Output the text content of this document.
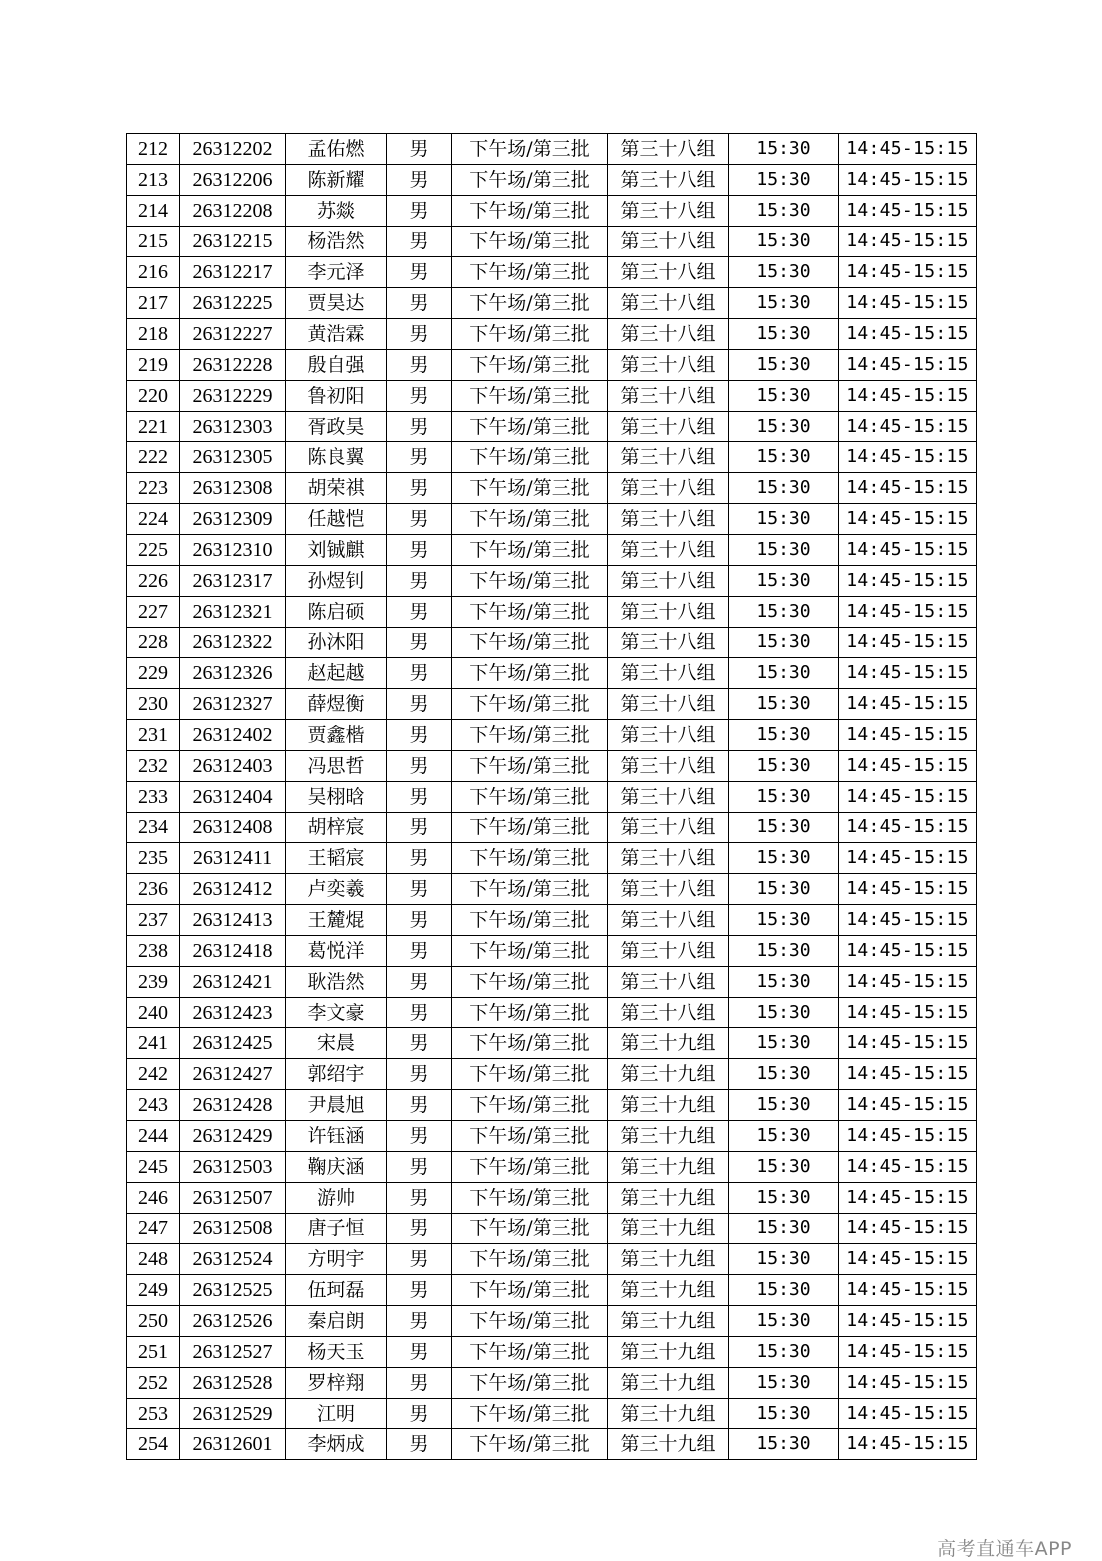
212	26312202	孟佑燃	男	下午场/第三批	第三十八组	15:30	14:45-15:15
213	26312206	陈新耀	男	下午场/第三批	第三十八组	15:30	14:45-15:15
214	26312208	苏燚	男	下午场/第三批	第三十八组	15:30	14:45-15:15
215	26312215	杨浩然	男	下午场/第三批	第三十八组	15:30	14:45-15:15
216	26312217	李元泽	男	下午场/第三批	第三十八组	15:30	14:45-15:15
217	26312225	贾昊达	男	下午场/第三批	第三十八组	15:30	14:45-15:15
218	26312227	黄浩霖	男	下午场/第三批	第三十八组	15:30	14:45-15:15
219	26312228	殷自强	男	下午场/第三批	第三十八组	15:30	14:45-15:15
220	26312229	鲁初阳	男	下午场/第三批	第三十八组	15:30	14:45-15:15
221	26312303	胥政昊	男	下午场/第三批	第三十八组	15:30	14:45-15:15
222	26312305	陈良翼	男	下午场/第三批	第三十八组	15:30	14:45-15:15
223	26312308	胡荣祺	男	下午场/第三批	第三十八组	15:30	14:45-15:15
224	26312309	任越恺	男	下午场/第三批	第三十八组	15:30	14:45-15:15
225	26312310	刘铖麒	男	下午场/第三批	第三十八组	15:30	14:45-15:15
226	26312317	孙煜钊	男	下午场/第三批	第三十八组	15:30	14:45-15:15
227	26312321	陈启硕	男	下午场/第三批	第三十八组	15:30	14:45-15:15
228	26312322	孙沐阳	男	下午场/第三批	第三十八组	15:30	14:45-15:15
229	26312326	赵起越	男	下午场/第三批	第三十八组	15:30	14:45-15:15
230	26312327	薛煜衡	男	下午场/第三批	第三十八组	15:30	14:45-15:15
231	26312402	贾鑫楷	男	下午场/第三批	第三十八组	15:30	14:45-15:15
232	26312403	冯思哲	男	下午场/第三批	第三十八组	15:30	14:45-15:15
233	26312404	吴栩晗	男	下午场/第三批	第三十八组	15:30	14:45-15:15
234	26312408	胡梓宸	男	下午场/第三批	第三十八组	15:30	14:45-15:15
235	26312411	王韬宸	男	下午场/第三批	第三十八组	15:30	14:45-15:15
236	26312412	卢奕羲	男	下午场/第三批	第三十八组	15:30	14:45-15:15
237	26312413	王麓焜	男	下午场/第三批	第三十八组	15:30	14:45-15:15
238	26312418	葛悦洋	男	下午场/第三批	第三十八组	15:30	14:45-15:15
239	26312421	耿浩然	男	下午场/第三批	第三十八组	15:30	14:45-15:15
240	26312423	李文豪	男	下午场/第三批	第三十八组	15:30	14:45-15:15
241	26312425	宋晨	男	下午场/第三批	第三十九组	15:30	14:45-15:15
242	26312427	郭绍宇	男	下午场/第三批	第三十九组	15:30	14:45-15:15
243	26312428	尹晨旭	男	下午场/第三批	第三十九组	15:30	14:45-15:15
244	26312429	许钰涵	男	下午场/第三批	第三十九组	15:30	14:45-15:15
245	26312503	鞠庆涵	男	下午场/第三批	第三十九组	15:30	14:45-15:15
246	26312507	游帅	男	下午场/第三批	第三十九组	15:30	14:45-15:15
247	26312508	唐子恒	男	下午场/第三批	第三十九组	15:30	14:45-15:15
248	26312524	方明宇	男	下午场/第三批	第三十九组	15:30	14:45-15:15
249	26312525	伍珂磊	男	下午场/第三批	第三十九组	15:30	14:45-15:15
250	26312526	秦启朗	男	下午场/第三批	第三十九组	15:30	14:45-15:15
251	26312527	杨天玉	男	下午场/第三批	第三十九组	15:30	14:45-15:15
252	26312528	罗梓翔	男	下午场/第三批	第三十九组	15:30	14:45-15:15
253	26312529	江明	男	下午场/第三批	第三十九组	15:30	14:45-15:15
254	26312601	李炳成	男	下午场/第三批	第三十九组	15:30	14:45-15:15
高考直通车APP
